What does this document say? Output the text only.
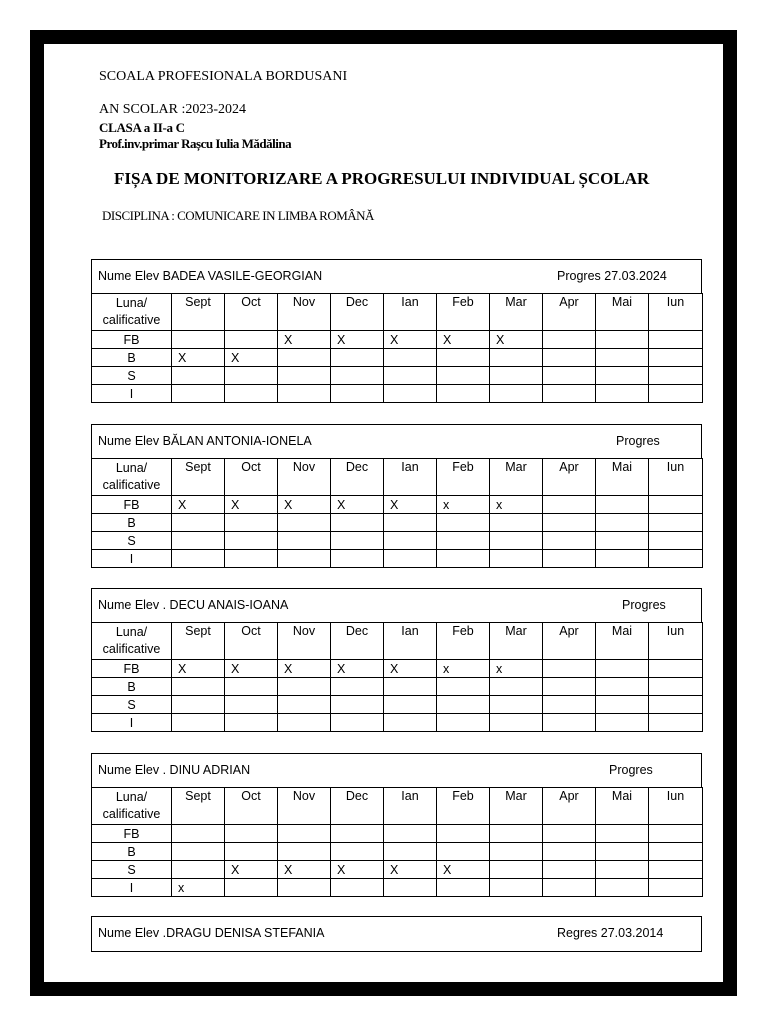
SCOALA PROFESIONALA BORDUSANI
AN SCOLAR :2023-2024
CLASA a II-a C
Prof.inv.primar Rașcu Iulia Mădălina
FIȘA DE MONITORIZARE A PROGRESULUI INDIVIDUAL ȘCOLAR
DISCIPLINA : COMUNICARE IN LIMBA ROMÂNĂ
Nume Elev BADEA VASILE-GEORGIAN	Progres 27.03.2024
Luna/ calificative	Sept	Oct	Nov	Dec	Ian	Feb	Mar	Apr	Mai	Iun
FB			X	X	X	X	X			
B	X	X								
S										
I										
Nume Elev BĂLAN ANTONIA-IONELA	Progres
Luna/ calificative	Sept	Oct	Nov	Dec	Ian	Feb	Mar	Apr	Mai	Iun
FB	X	X	X	X	X	x	x			
B										
S										
I										
Nume Elev . DECU ANAIS-IOANA	Progres
Luna/ calificative	Sept	Oct	Nov	Dec	Ian	Feb	Mar	Apr	Mai	Iun
FB	X	X	X	X	X	x	x			
B										
S										
I										
Nume Elev . DINU ADRIAN	Progres
Luna/ calificative	Sept	Oct	Nov	Dec	Ian	Feb	Mar	Apr	Mai	Iun
FB										
B										
S		X	X	X	X	X				
I	x									
Nume Elev .DRAGU DENISA STEFANIA	Regres 27.03.2014
